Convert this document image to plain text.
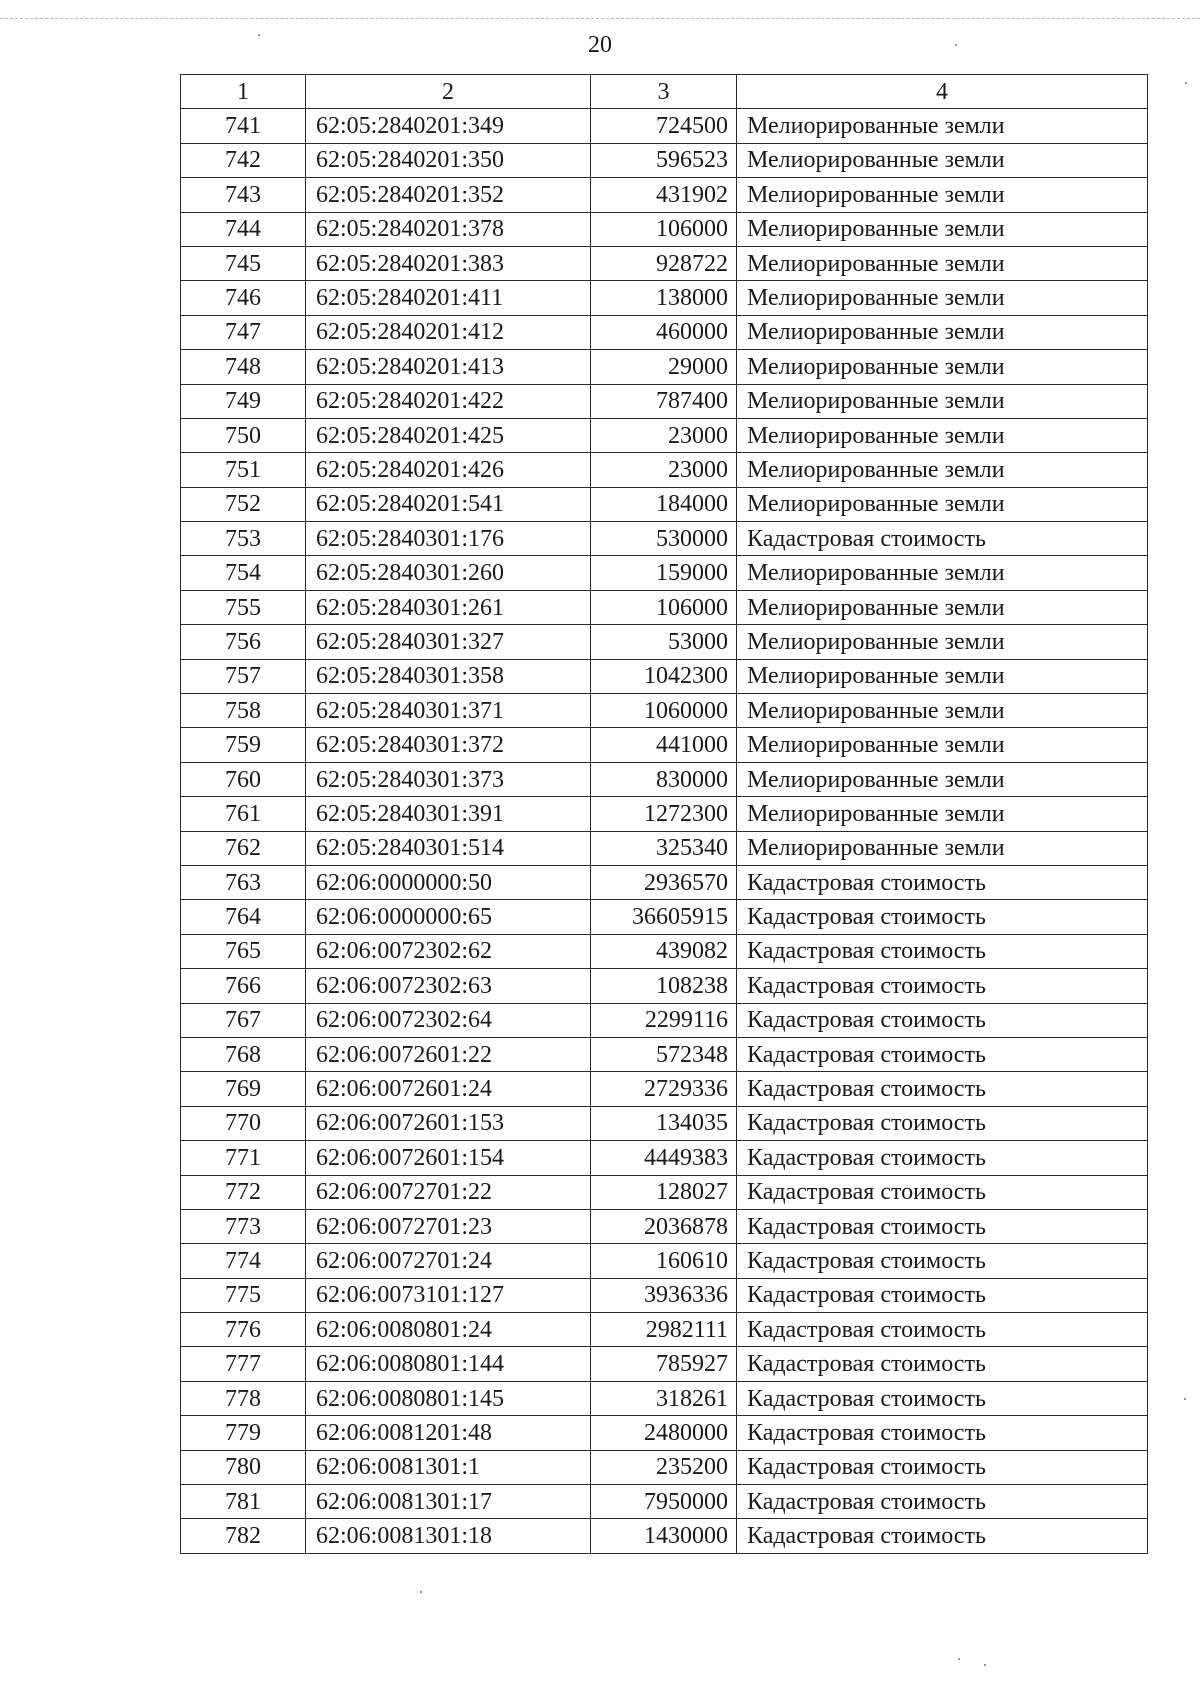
20
1	2	3	4
741	62:05:2840201:349	724500	Мелиорированные земли
742	62:05:2840201:350	596523	Мелиорированные земли
743	62:05:2840201:352	431902	Мелиорированные земли
744	62:05:2840201:378	106000	Мелиорированные земли
745	62:05:2840201:383	928722	Мелиорированные земли
746	62:05:2840201:411	138000	Мелиорированные земли
747	62:05:2840201:412	460000	Мелиорированные земли
748	62:05:2840201:413	29000	Мелиорированные земли
749	62:05:2840201:422	787400	Мелиорированные земли
750	62:05:2840201:425	23000	Мелиорированные земли
751	62:05:2840201:426	23000	Мелиорированные земли
752	62:05:2840201:541	184000	Мелиорированные земли
753	62:05:2840301:176	530000	Кадастровая стоимость
754	62:05:2840301:260	159000	Мелиорированные земли
755	62:05:2840301:261	106000	Мелиорированные земли
756	62:05:2840301:327	53000	Мелиорированные земли
757	62:05:2840301:358	1042300	Мелиорированные земли
758	62:05:2840301:371	1060000	Мелиорированные земли
759	62:05:2840301:372	441000	Мелиорированные земли
760	62:05:2840301:373	830000	Мелиорированные земли
761	62:05:2840301:391	1272300	Мелиорированные земли
762	62:05:2840301:514	325340	Мелиорированные земли
763	62:06:0000000:50	2936570	Кадастровая стоимость
764	62:06:0000000:65	36605915	Кадастровая стоимость
765	62:06:0072302:62	439082	Кадастровая стоимость
766	62:06:0072302:63	108238	Кадастровая стоимость
767	62:06:0072302:64	2299116	Кадастровая стоимость
768	62:06:0072601:22	572348	Кадастровая стоимость
769	62:06:0072601:24	2729336	Кадастровая стоимость
770	62:06:0072601:153	134035	Кадастровая стоимость
771	62:06:0072601:154	4449383	Кадастровая стоимость
772	62:06:0072701:22	128027	Кадастровая стоимость
773	62:06:0072701:23	2036878	Кадастровая стоимость
774	62:06:0072701:24	160610	Кадастровая стоимость
775	62:06:0073101:127	3936336	Кадастровая стоимость
776	62:06:0080801:24	2982111	Кадастровая стоимость
777	62:06:0080801:144	785927	Кадастровая стоимость
778	62:06:0080801:145	318261	Кадастровая стоимость
779	62:06:0081201:48	2480000	Кадастровая стоимость
780	62:06:0081301:1	235200	Кадастровая стоимость
781	62:06:0081301:17	7950000	Кадастровая стоимость
782	62:06:0081301:18	1430000	Кадастровая стоимость
